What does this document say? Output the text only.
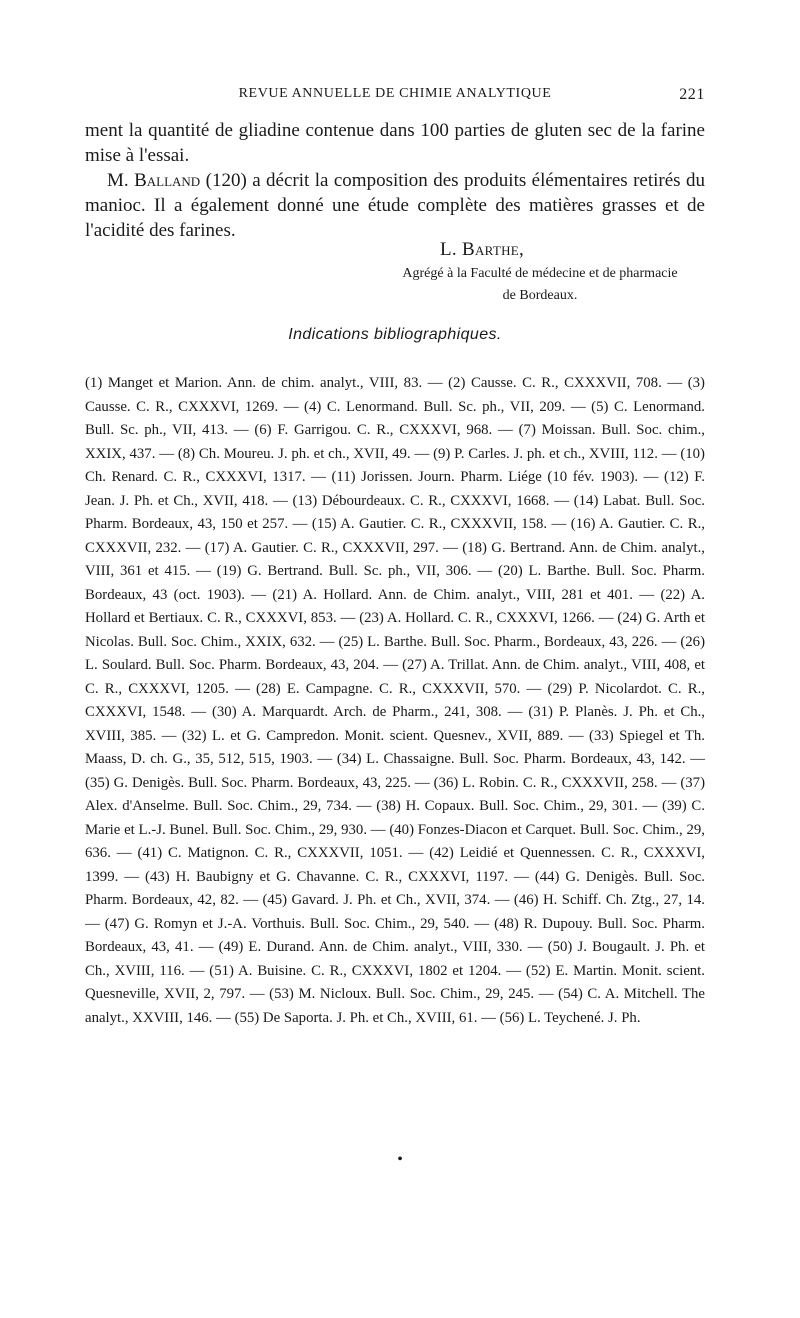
REVUE ANNUELLE DE CHIMIE ANALYTIQUE	221

ment la quantité de gliadine contenue dans 100 parties de gluten sec de la farine mise à l'essai.

M. Balland (120) a décrit la composition des produits élémentaires retirés du manioc. Il a également donné une étude complète des matières grasses et de l'acidité des farines.

L. Barthe,
Agrégé à la Faculté de médecine et de pharmacie
de Bordeaux.
Indications bibliographiques.

(1) Manget et Marion. Ann. de chim. analyt., VIII, 83. — (2) Causse. C. R., CXXXVII, 708. — (3) Causse. C. R., CXXXVI, 1269. — (4) C. Lenormand. Bull. Sc. ph., VII, 209. — (5) C. Lenormand. Bull. Sc. ph., VII, 413. — (6) F. Garrigou. C. R., CXXXVI, 968. — (7) Moissan. Bull. Soc. chim., XXIX, 437. — (8) Ch. Moureu. J. ph. et ch., XVII, 49. — (9) P. Carles. J. ph. et ch., XVIII, 112. — (10) Ch. Renard. C. R., CXXXVI, 1317. — (11) Jorissen. Journ. Pharm. Liége (10 fév. 1903). — (12) F. Jean. J. Ph. et Ch., XVII, 418. — (13) Débourdeaux. C. R., CXXXVI, 1668. — (14) Labat. Bull. Soc. Pharm. Bordeaux, 43, 150 et 257. — (15) A. Gautier. C. R., CXXXVII, 158. — (16) A. Gautier. C. R., CXXXVII, 232. — (17) A. Gautier. C. R., CXXXVII, 297. — (18) G. Bertrand. Ann. de Chim. analyt., VIII, 361 et 415. — (19) G. Bertrand. Bull. Sc. ph., VII, 306. — (20) L. Barthe. Bull. Soc. Pharm. Bordeaux, 43 (oct. 1903). — (21) A. Hollard. Ann. de Chim. analyt., VIII, 281 et 401. — (22) A. Hollard et Bertiaux. C. R., CXXXVI, 853. — (23) A. Hollard. C. R., CXXXVI, 1266. — (24) G. Arth et Nicolas. Bull. Soc. Chim., XXIX, 632. — (25) L. Barthe. Bull. Soc. Pharm., Bordeaux, 43, 226. — (26) L. Soulard. Bull. Soc. Pharm. Bordeaux, 43, 204. — (27) A. Trillat. Ann. de Chim. analyt., VIII, 408, et C. R., CXXXVI, 1205. — (28) E. Campagne. C. R., CXXXVII, 570. — (29) P. Nicolardot. C. R., CXXXVI, 1548. — (30) A. Marquardt. Arch. de Pharm., 241, 308. — (31) P. Planès. J. Ph. et Ch., XVIII, 385. — (32) L. et G. Campredon. Monit. scient. Quesnev., XVII, 889. — (33) Spiegel et Th. Maass, D. ch. G., 35, 512, 515, 1903. — (34) L. Chassaigne. Bull. Soc. Pharm. Bordeaux, 43, 142. — (35) G. Denigès. Bull. Soc. Pharm. Bordeaux, 43, 225. — (36) L. Robin. C. R., CXXXVII, 258. — (37) Alex. d'Anselme. Bull. Soc. Chim., 29, 734. — (38) H. Copaux. Bull. Soc. Chim., 29, 301. — (39) C. Marie et L.-J. Bunel. Bull. Soc. Chim., 29, 930. — (40) Fonzes-Diacon et Carquet. Bull. Soc. Chim., 29, 636. — (41) C. Matignon. C. R., CXXXVII, 1051. — (42) Leidié et Quennessen. C. R., CXXXVI, 1399. — (43) H. Baubigny et G. Chavanne. C. R., CXXXVI, 1197. — (44) G. Denigès. Bull. Soc. Pharm. Bordeaux, 42, 82. — (45) Gavard. J. Ph. et Ch., XVII, 374. — (46) H. Schiff. Ch. Ztg., 27, 14. — (47) G. Romyn et J.-A. Vorthuis. Bull. Soc. Chim., 29, 540. — (48) R. Dupouy. Bull. Soc. Pharm. Bordeaux, 43, 41. — (49) E. Durand. Ann. de Chim. analyt., VIII, 330. — (50) J. Bougault. J. Ph. et Ch., XVIII, 116. — (51) A. Buisine. C. R., CXXXVI, 1802 et 1204. — (52) E. Martin. Monit. scient. Quesneville, XVII, 2, 797. — (53) M. Nicloux. Bull. Soc. Chim., 29, 245. — (54) C. A. Mitchell. The analyt., XXVIII, 146. — (55) De Saporta. J. Ph. et Ch., XVIII, 61. — (56) L. Teychené. J. Ph.

•
